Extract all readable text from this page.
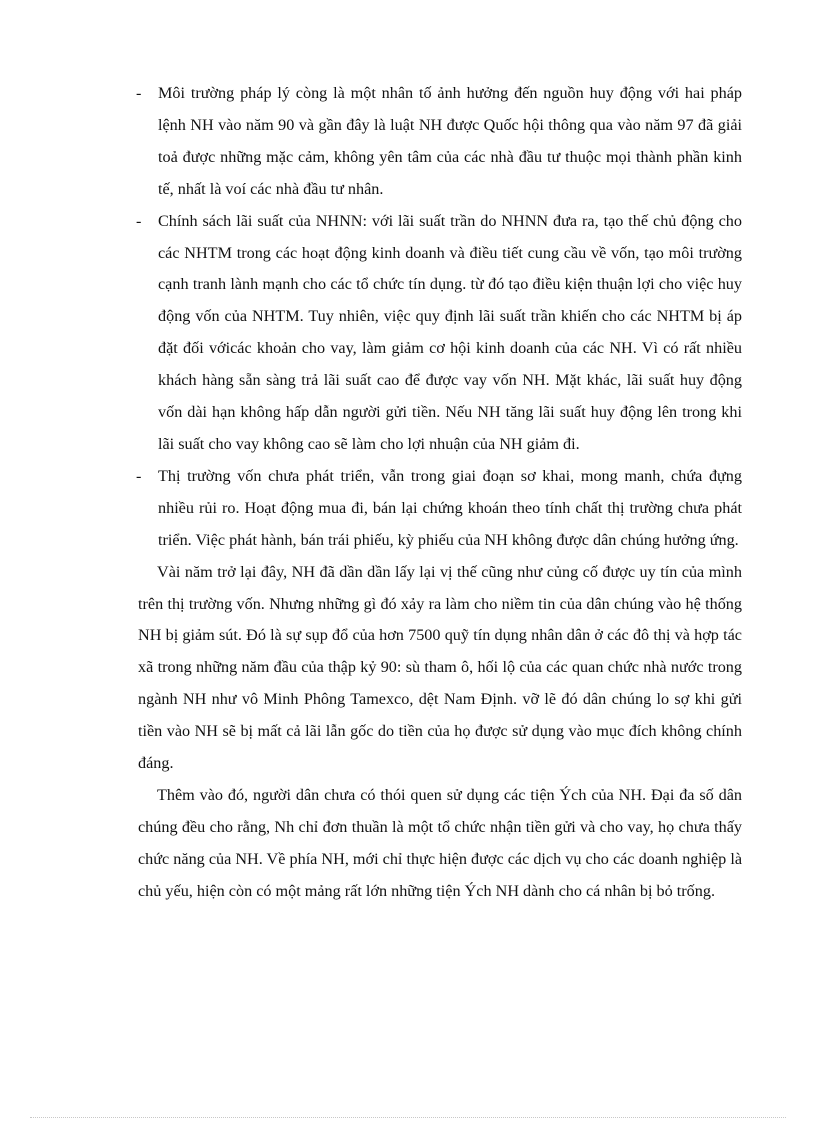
- Môi trường pháp lý còng là một nhân tố ảnh hưởng đến nguồn huy động với hai pháp lệnh NH vào năm 90 và gần đây là luật NH được Quốc hội thông qua vào năm 97 đã giải toả được những mặc cảm, không yên tâm của các nhà đầu tư thuộc mọi thành phần kinh tế, nhất là voí các nhà đầu tư nhân.

- Chính sách lãi suất của NHNN: với lãi suất trần do NHNN đưa ra, tạo thế chủ động cho các NHTM trong các hoạt động kinh doanh và điều tiết cung cầu về vốn, tạo môi trường cạnh tranh lành mạnh cho các tổ chức tín dụng. từ đó tạo điều kiện thuận lợi cho việc huy động vốn của NHTM. Tuy nhiên, việc quy định lãi suất trần khiến cho các NHTM bị áp đặt đối vớicác khoản cho vay, làm giảm cơ hội kinh doanh của các NH. Vì có rất nhiều khách hàng sẵn sàng trả lãi suất cao để được vay vốn NH. Mặt khác, lãi suất huy động vốn dài hạn không hấp dẫn người gửi tiền. Nếu NH tăng lãi suất huy động lên trong khi lãi suất cho vay không cao sẽ làm cho lợi nhuận của NH giảm đi.

- Thị trường vốn chưa phát triển, vẫn trong giai đoạn sơ khai, mong manh, chứa đựng nhiều rủi ro. Hoạt động mua đi, bán lại chứng khoán theo tính chất thị trường chưa phát triển. Việc phát hành, bán trái phiếu, kỳ phiếu của NH không được dân chúng hưởng ứng.

Vài năm trở lại đây, NH đã dần dần lấy lại vị thế cũng như củng cố được uy tín của mình trên thị trường vốn. Nhưng những gì đó xảy ra làm cho niềm tin của dân chúng vào hệ thống NH bị giảm sút. Đó là sự sụp đổ của hơn 7500 quỹ tín dụng nhân dân ở các đô thị và hợp tác xã trong những năm đầu của thập kỷ 90: sù tham ô, hối lộ của các quan chức nhà nước trong ngành NH như vô Minh Phông Tamexco, dệt Nam Định. vỡ lẽ đó dân chúng lo sợ khi gửi tiền vào NH sẽ bị mất cả lãi lẫn gốc do tiền của họ được sử dụng vào mục đích không chính đáng.

Thêm vào đó, người dân chưa có thói quen sử dụng các tiện Ých của NH. Đại đa số dân chúng đều cho rằng, Nh chỉ đơn thuần là một tổ chức nhận tiền gửi và cho vay, họ chưa thấy chức năng của NH. Về phía NH, mới chỉ thực hiện được các dịch vụ cho các doanh nghiệp là chủ yếu, hiện còn có một mảng rất lớn những tiện Ých NH dành cho cá nhân bị bỏ trống.
